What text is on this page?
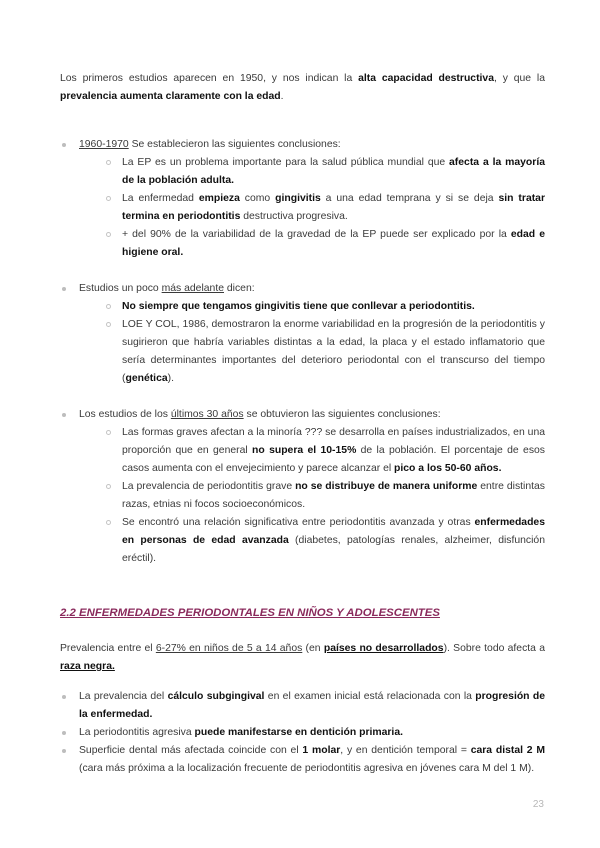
Los primeros estudios aparecen en 1950, y nos indican la alta capacidad destructiva, y que la prevalencia aumenta claramente con la edad.

1960-1970 Se establecieron las siguientes conclusiones:
La EP es un problema importante para la salud pública mundial que afecta a la mayoría de la población adulta.
La enfermedad empieza como gingivitis a una edad temprana y si se deja sin tratar termina en periodontitis destructiva progresiva.
+ del 90% de la variabilidad de la gravedad de la EP puede ser explicado por la edad e higiene oral.
Estudios un poco más adelante dicen:
No siempre que tengamos gingivitis tiene que conllevar a periodontitis.
LOE Y COL, 1986, demostraron la enorme variabilidad en la progresión de la periodontitis y sugirieron que habría variables distintas a la edad, la placa y el estado inflamatorio que sería determinantes importantes del deterioro periodontal con el transcurso del tiempo (genética).
Los estudios de los últimos 30 años se obtuvieron las siguientes conclusiones:
Las formas graves afectan a la minoría ??? se desarrolla en países industrializados, en una proporción que en general no supera el 10-15% de la población. El porcentaje de esos casos aumenta con el envejecimiento y parece alcanzar el pico a los 50-60 años.
La prevalencia de periodontitis grave no se distribuye de manera uniforme entre distintas razas, etnias ni focos socioeconómicos.
Se encontró una relación significativa entre periodontitis avanzada y otras enfermedades en personas de edad avanzada (diabetes, patologías renales, alzheimer, disfunción eréctil).

2.2 ENFERMEDADES PERIODONTALES EN NIÑOS Y ADOLESCENTES

Prevalencia entre el 6-27% en niños de 5 a 14 años (en países no desarrollados). Sobre todo afecta a raza negra.

La prevalencia del cálculo subgingival en el examen inicial está relacionada con la progresión de la enfermedad.
La periodontitis agresiva puede manifestarse en dentición primaria.
Superficie dental más afectada coincide con el 1 molar, y en dentición temporal = cara distal 2 M (cara más próxima a la localización frecuente de periodontitis agresiva en jóvenes cara M del 1 M).
23
